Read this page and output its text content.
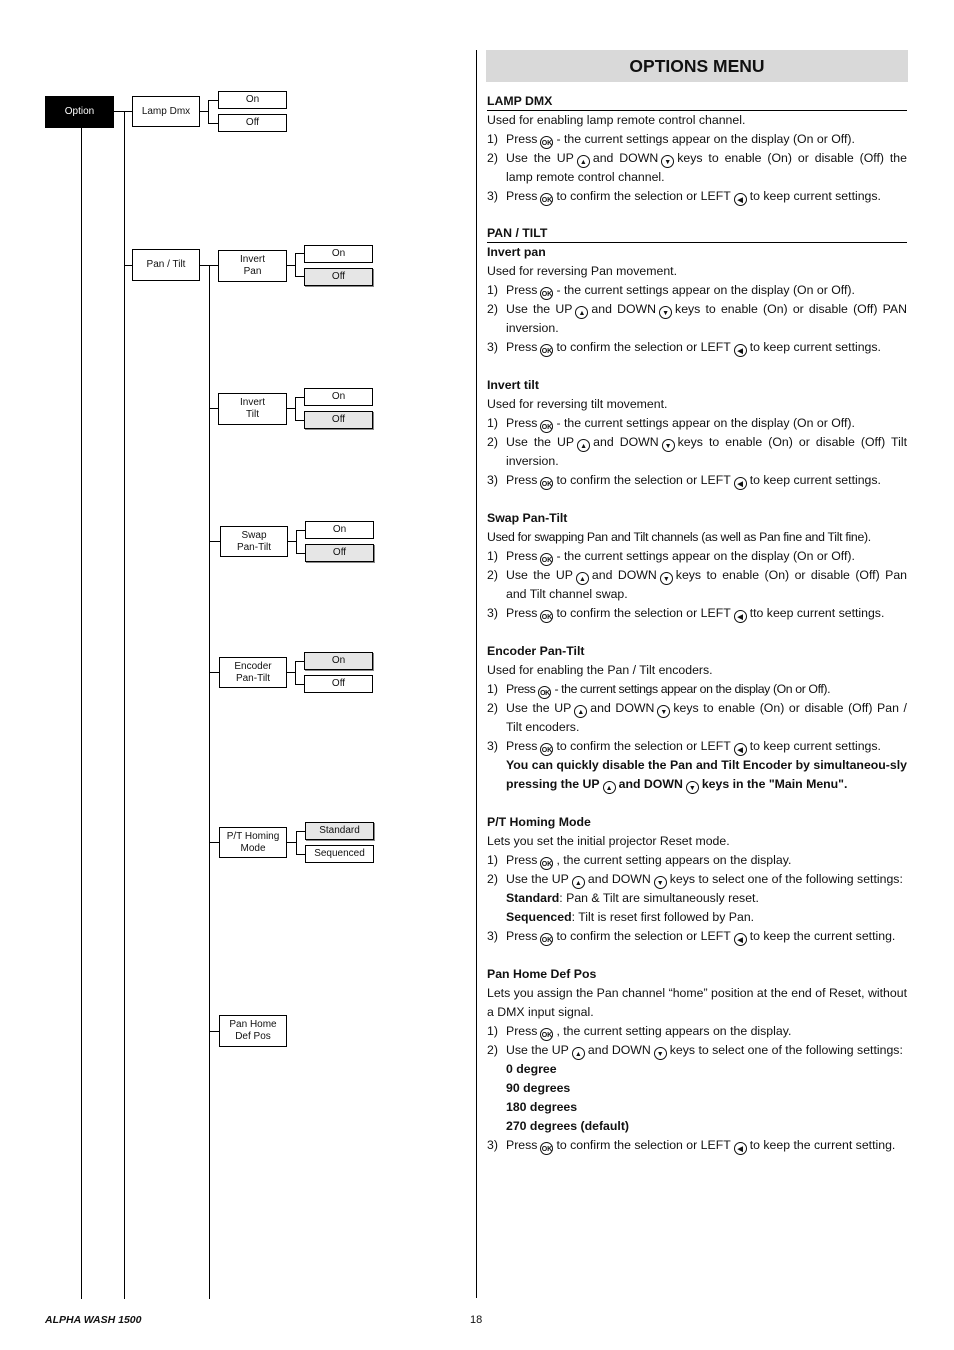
Option	Lamp Dmx
On
Off
Pan / Tilt	Invert Pan
On
Off
Invert Tilt
On
Off
Swap Pan-Tilt
On
Off
Encoder Pan-Tilt
On
Off
P/T Homing Mode
Standard
Sequenced
Pan Home Def Pos
OPTIONS MENU
LAMP DMX
Used for enabling lamp remote control channel.
1) Press OK - the current settings appear on the display (On or Off).
2) Use the UP ▲ and DOWN ▼ keys to enable (On) or disable (Off) the lamp remote control channel.
3) Press OK to confirm the selection or LEFT ◀ to keep current settings.
PAN / TILT
Invert pan
Used for reversing Pan movement.
1) Press OK - the current settings appear on the display (On or Off).
2) Use the UP ▲ and DOWN ▼ keys to enable (On) or disable (Off) PAN inversion.
3) Press OK to confirm the selection or LEFT ◀ to keep current settings.
Invert tilt
Used for reversing tilt movement.
1) Press OK - the current settings appear on the display (On or Off).
2) Use the UP ▲ and DOWN ▼ keys to enable (On) or disable (Off) Tilt inversion.
3) Press OK to confirm the selection or LEFT ◀ to keep current settings.
Swap Pan-Tilt
Used for swapping Pan and Tilt channels (as well as Pan fine and Tilt fine).
1) Press OK - the current settings appear on the display (On or Off).
2) Use the UP ▲ and DOWN ▼ keys to enable (On) or disable (Off) Pan and Tilt channel swap.
3) Press OK to confirm the selection or LEFT ◀ tto keep current settings.
Encoder Pan-Tilt
Used for enabling the Pan / Tilt encoders.
1) Press OK - the current settings appear on the display (On or Off).
2) Use the UP ▲ and DOWN ▼ keys to enable (On) or disable (Off) Pan / Tilt encoders.
3) Press OK to confirm the selection or LEFT ◀ to keep current settings.
You can quickly disable the Pan and Tilt Encoder by simultaneou-sly pressing the UP ▲ and DOWN ▼ keys in the "Main Menu".
P/T Homing Mode
Lets you set the initial projector Reset mode.
1) Press OK , the current setting appears on the display.
2) Use the UP ▲ and DOWN ▼ keys to select one of the following settings:
Standard: Pan & Tilt are simultaneously reset.
Sequenced: Tilt is reset first followed by Pan.
3) Press OK to confirm the selection or LEFT ◀ to keep the current setting.
Pan Home Def Pos
Lets you assign the Pan channel “home” position at the end of Reset, without a DMX input signal.
1) Press OK , the current setting appears on the display.
2) Use the UP ▲ and DOWN ▼ keys to select one of the following settings:
0 degree
90 degrees
180 degrees
270 degrees (default)
3) Press OK to confirm the selection or LEFT ◀ to keep the current setting.
ALPHA WASH 1500	18
